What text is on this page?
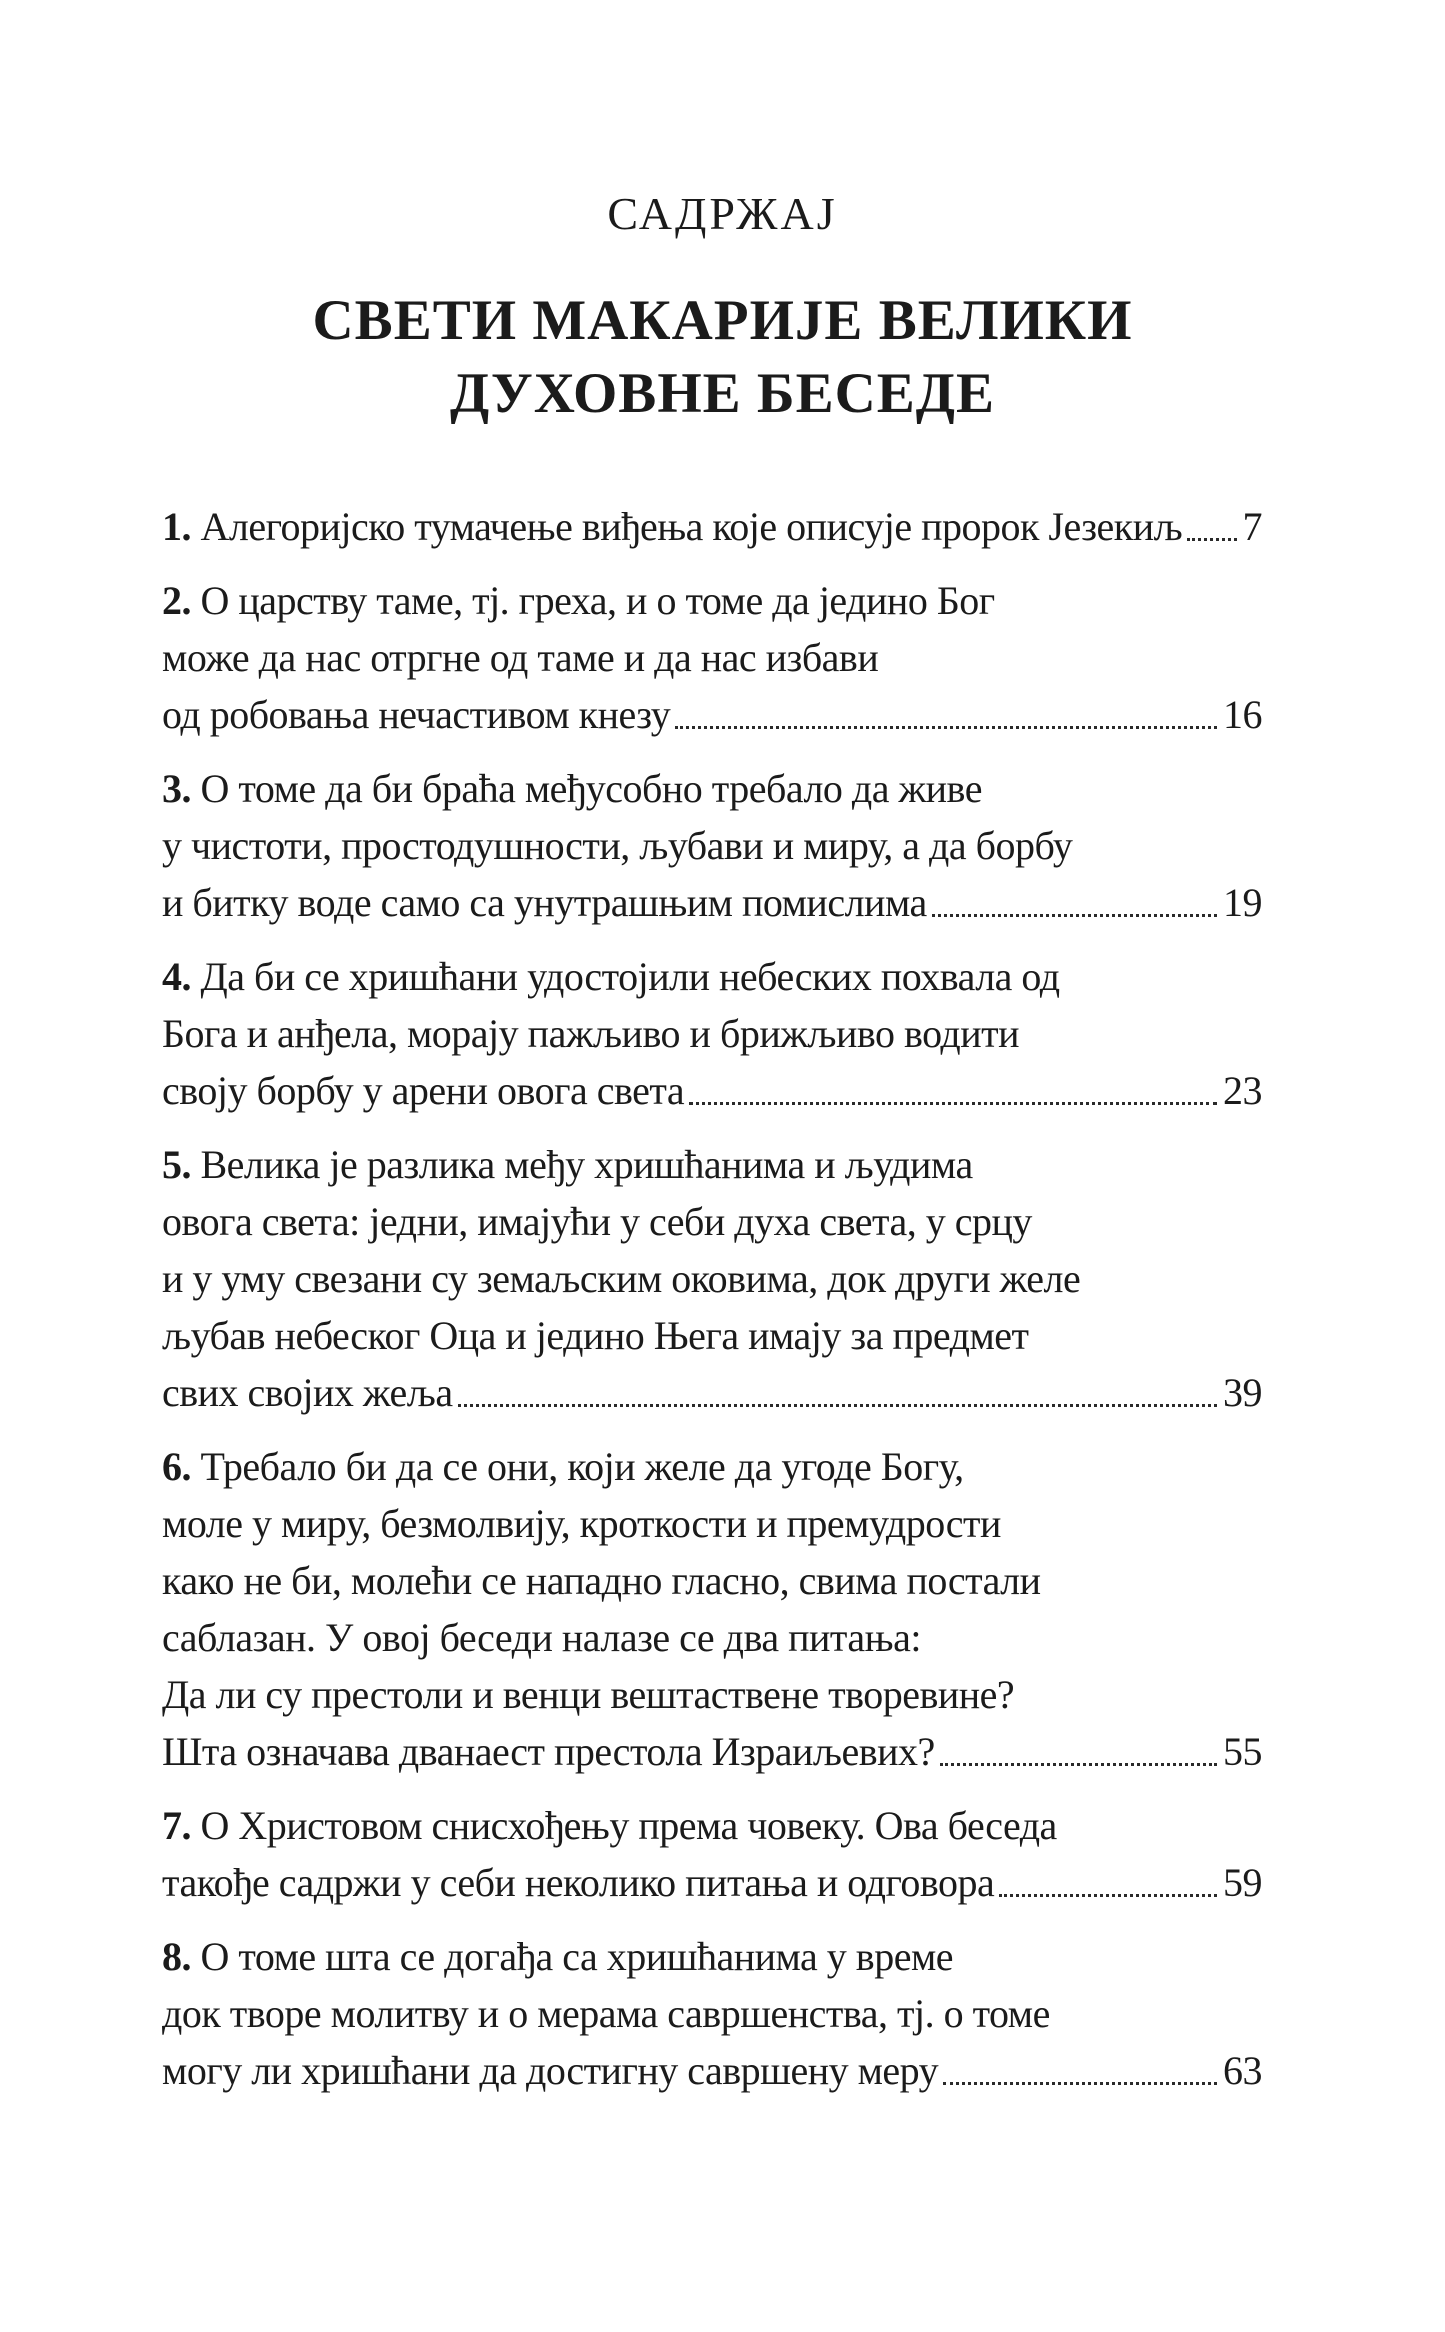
САДРЖАЈ
СВЕТИ МАКАРИЈЕ ВЕЛИКИ
ДУХОВНЕ БЕСЕДЕ
1. Алегоријско тумачење виђења које описује пророк Језекиљ 7
2. О царству таме, тј. греха, и о томе да једино Бог
може да нас отргне од таме и да нас избави
од робовања нечастивом кнезу	16
3. О томе да би браћа међусобно требало да живе
у чистоти, простодушности, љубави и миру, а да борбу
и битку воде само са унутрашњим помислима	19
4. Да би се хришћани удостојили небеских похвала од
Бога и анђела, морају пажљиво и брижљиво водити
своју борбу у арени овога света	23
5. Велика је разлика међу хришћанима и људима
овога света: једни, имајући у себи духа света, у срцу
и у уму свезани су земаљским оковима, док други желе
љубав небеског Оца и једино Њега имају за предмет
свих својих жеља	39
6. Требало би да се они, који желе да угоде Богу,
моле у миру, безмолвију, кроткости и премудрости
како не би, молећи се нападно гласно, свима постали
саблазан. У овој беседи налазе се два питања:
Да ли су престоли и венци вештаствене творевине?
Шта означава дванаест престола Израиљевих?	55
7. О Христовом снисхођењу према човеку. Ова беседа
такође садржи у себи неколико питања и одговора	59
8. О томе шта се догађа са хришћанима у време
док творе молитву и о мерама савршенства, тј. о томе
могу ли хришћани да достигну савршену меру	63
